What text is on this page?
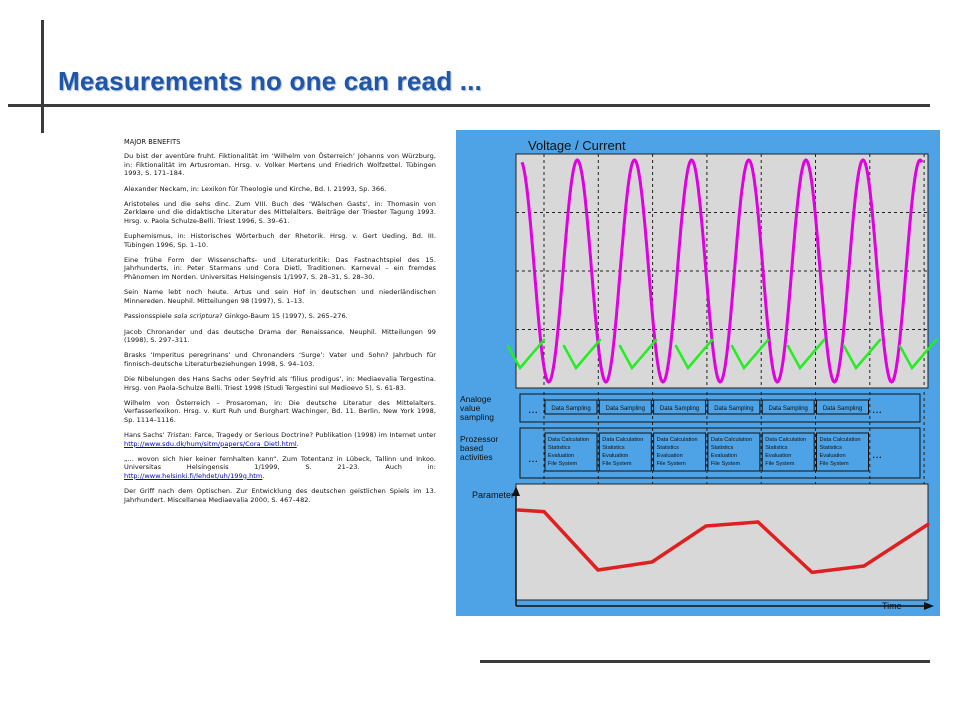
Measurements no one can read ...
MAJOR BENEFITS

Du bist der aventüre fruht. Fiktionalität im ‘Wilhelm von Österreich’ Johanns von Würzburg, in: Fiktionalität im Artusroman. Hrsg. v. Volker Mertens und Friedrich Wolfzettel. Tübingen 1993, S. 171–184.

Alexander Neckam, in: Lexikon für Theologie und Kirche, Bd. I. 21993, Sp. 366.

Aristoteles und die sehs dinc. Zum VIII. Buch des ‘Wälschen Gasts’, in: Thomasin von Zerklære und die didaktische Literatur des Mittelalters. Beiträge der Triester Tagung 1993. Hrsg. v. Paola Schulze-Belli. Triest 1996, S. 39–61.

Euphemismus, in: Historisches Wörterbuch der Rhetorik. Hrsg. v. Gert Ueding, Bd. III. Tübingen 1996, Sp. 1–10.

Eine frühe Form der Wissenschafts- und Literaturkritik: Das Fastnachtspiel des 15. Jahrhunderts, in: Peter Starmans und Cora Dietl, Traditionen. Karneval – ein fremdes Phänomen im Norden. Universitas Helsingensis 1/1997, S. 28–31, S. 28–30.

Sein Name lebt noch heute. Artus und sein Hof in deutschen und niederländischen Minnereden. Neuphil. Mitteilungen 98 (1997), S. 1–13.

Passionsspiele sola scriptura? Ginkgo-Baum 15 (1997), S. 265–276.

Jacob Chronander und das deutsche Drama der Renaissance. Neuphil. Mitteilungen 99 (1998), S. 297–311.

Brasks ‘Imperitus peregrinans’ und Chronanders ‘Surge’: Vater und Sohn? Jahrbuch für finnisch-deutsche Literaturbeziehungen 1998, S. 94–103.

Die Nibelungen des Hans Sachs oder Seyfrid als ‘filius prodigus’, in: Mediaevalia Tergestina. Hrsg. von Paola-Schulze Belli. Triest 1998 (Studi Tergestini sul Medioevo 5), S. 61-83.

Wilhelm von Österreich – Prosaroman, in: Die deutsche Literatur des Mittelalters. Verfasserlexikon. Hrsg. v. Kurt Ruh und Burghart Wachinger, Bd. 11. Berlin, New York 1998, Sp. 1114–1116.

Hans Sachs’ Tristan: Farce, Tragedy or Serious Doctrine? Publikation (1998) im Internet unter http://www.sdu.dk/hum/sitm/papers/Cora_Dietl.html.

„... wovon sich hier keiner fernhalten kann“. Zum Totentanz in Lübeck, Tallinn und Inkoo. Universitas Helsingensis 1/1999, S. 21–23. Auch in: http://www.helsinki.fi/lehdet/uh/199g.htm.

Der Griff nach dem Optischen. Zur Entwicklung des deutschen geistlichen Spiels im 13. Jahrhundert. Miscellanea Mediaevalia 2000, S. 467–482.

Voltage / Current
Analoge
value
sampling
Prozessor
based
activities
...	...
Data Sampling Data Sampling Data Sampling Data Sampling Data Sampling Data Sampling
...	...
Data Calculation
Statistics
Evaluation
File System
Data Calculation
Statistics
Evaluation
File System
Data Calculation
Statistics
Evaluation
File System
Data Calculation
Statistics
Evaluation
File System
Data Calculation
Statistics
Evaluation
File System
Data Calculation
Statistics
Evaluation
File System
Parameter
Time
